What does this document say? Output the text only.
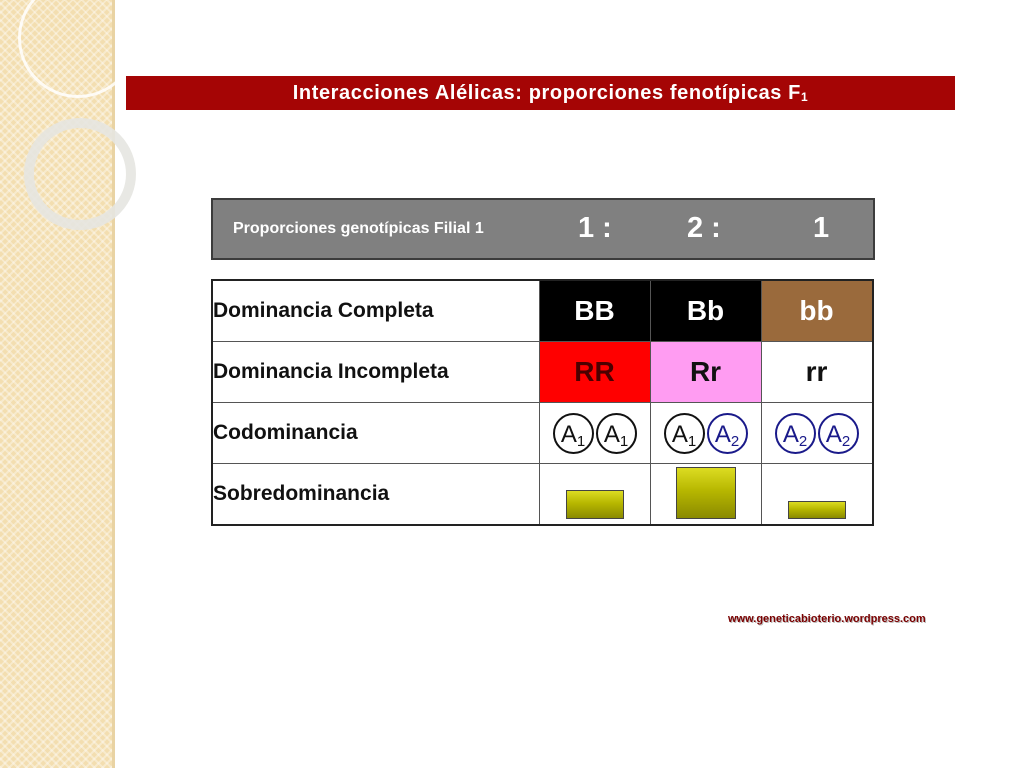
Interacciones Alélicas: proporciones fenotípicas $F_1$
Proporciones genotípicas Filial 1	1 :	2 :	1
Dominancia Completa	BB	Bb	bb
Dominancia Incompleta	RR	Rr	rr
Codominancia	$A_1$ $A_1$	$A_1$ $A_2$	$A_2$ $A_2$

Sobredominancia	

www.geneticabioterio.wordpress.com
